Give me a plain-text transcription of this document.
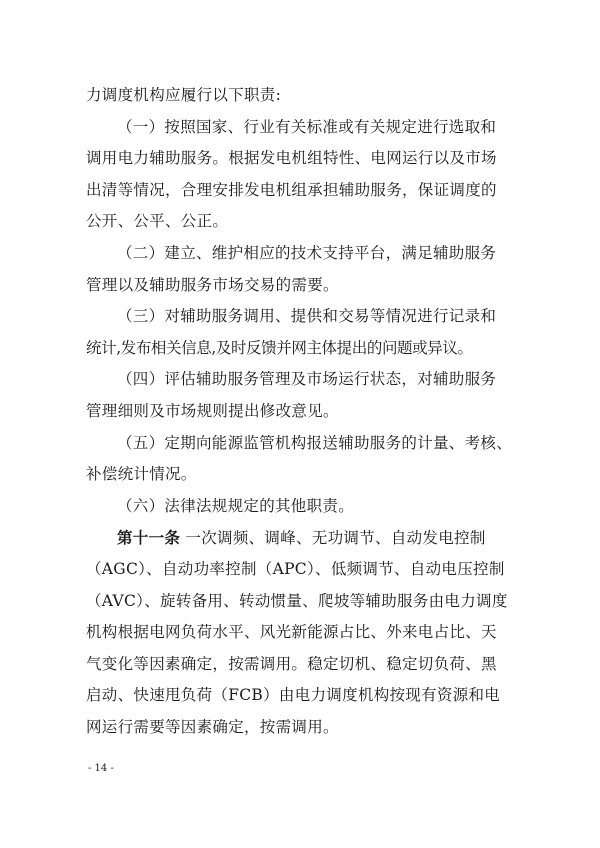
力调度机构应履行以下职责:
（一）按照国家、行业有关标准或有关规定进行选取和
调用电力辅助服务。根据发电机组特性、电网运行以及市场
出清等情况，合理安排发电机组承担辅助服务，保证调度的
公开、公平、公正。
（二）建立、维护相应的技术支持平台，满足辅助服务
管理以及辅助服务市场交易的需要。
（三）对辅助服务调用、提供和交易等情况进行记录和
统计,发布相关信息,及时反馈并网主体提出的问题或异议。
（四）评估辅助服务管理及市场运行状态，对辅助服务
管理细则及市场规则提出修改意见。
（五）定期向能源监管机构报送辅助服务的计量、考核、
补偿统计情况。
（六）法律法规规定的其他职责。
第十一条 一次调频、调峰、无功调节、自动发电控制
（AGC）、自动功率控制（APC）、低频调节、自动电压控制
（AVC）、旋转备用、转动惯量、爬坡等辅助服务由电力调度
机构根据电网负荷水平、风光新能源占比、外来电占比、天
气变化等因素确定，按需调用。稳定切机、稳定切负荷、黑
启动、快速甩负荷（FCB）由电力调度机构按现有资源和电
网运行需要等因素确定，按需调用。
- 14 -
